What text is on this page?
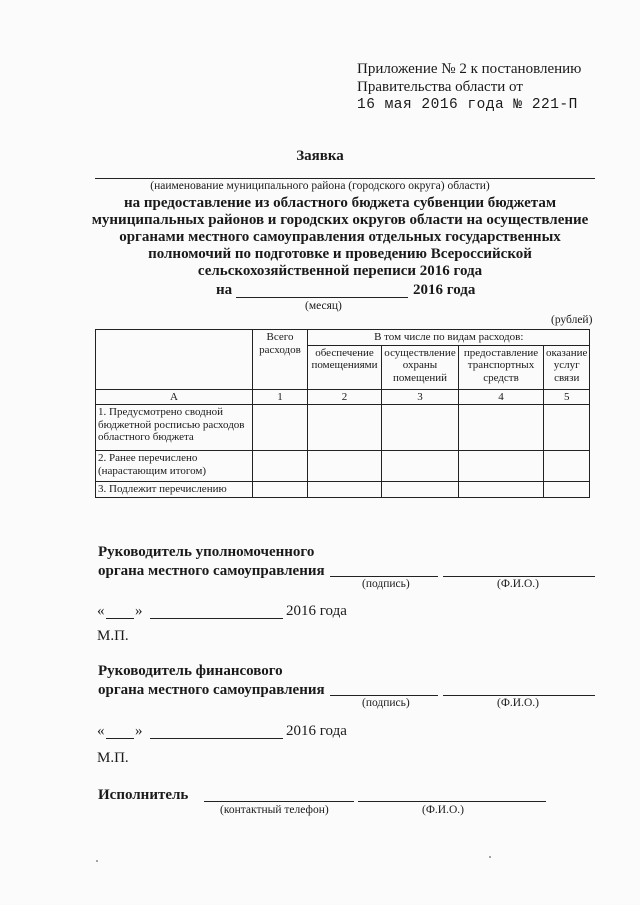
Приложение № 2 к постановлению
Правительства области от
16 мая 2016 года № 221-П
Заявка
(наименование муниципального района (городского округа) области)
на предоставление из областного бюджета субвенции бюджетам
муниципальных районов и городских округов области на осуществление
органами местного самоуправления отдельных государственных
полномочий по подготовке и проведению Всероссийской
сельскохозяйственной переписи 2016 года
на	2016 года
(месяц)
(рублей)
	Всего расходов	В том числе по видам расходов:			
		обеспечение помещениями	осуществление охраны помещений	предоставление транспортных средств	оказание услуг связи
А	1	2	3	4	5
1. Предусмотрено сводной бюджетной росписью расходов областного бюджета					
2. Ранее перечислено (нарастающим итогом)					
3. Подлежит перечислению					
Руководитель уполномоченного
органа местного самоуправления
(подпись)	(Ф.И.О.)
« »	2016 года
М.П.
Руководитель финансового
органа местного самоуправления
(подпись)	(Ф.И.О.)
« »	2016 года
М.П.
Исполнитель
(контактный телефон)	(Ф.И.О.)
